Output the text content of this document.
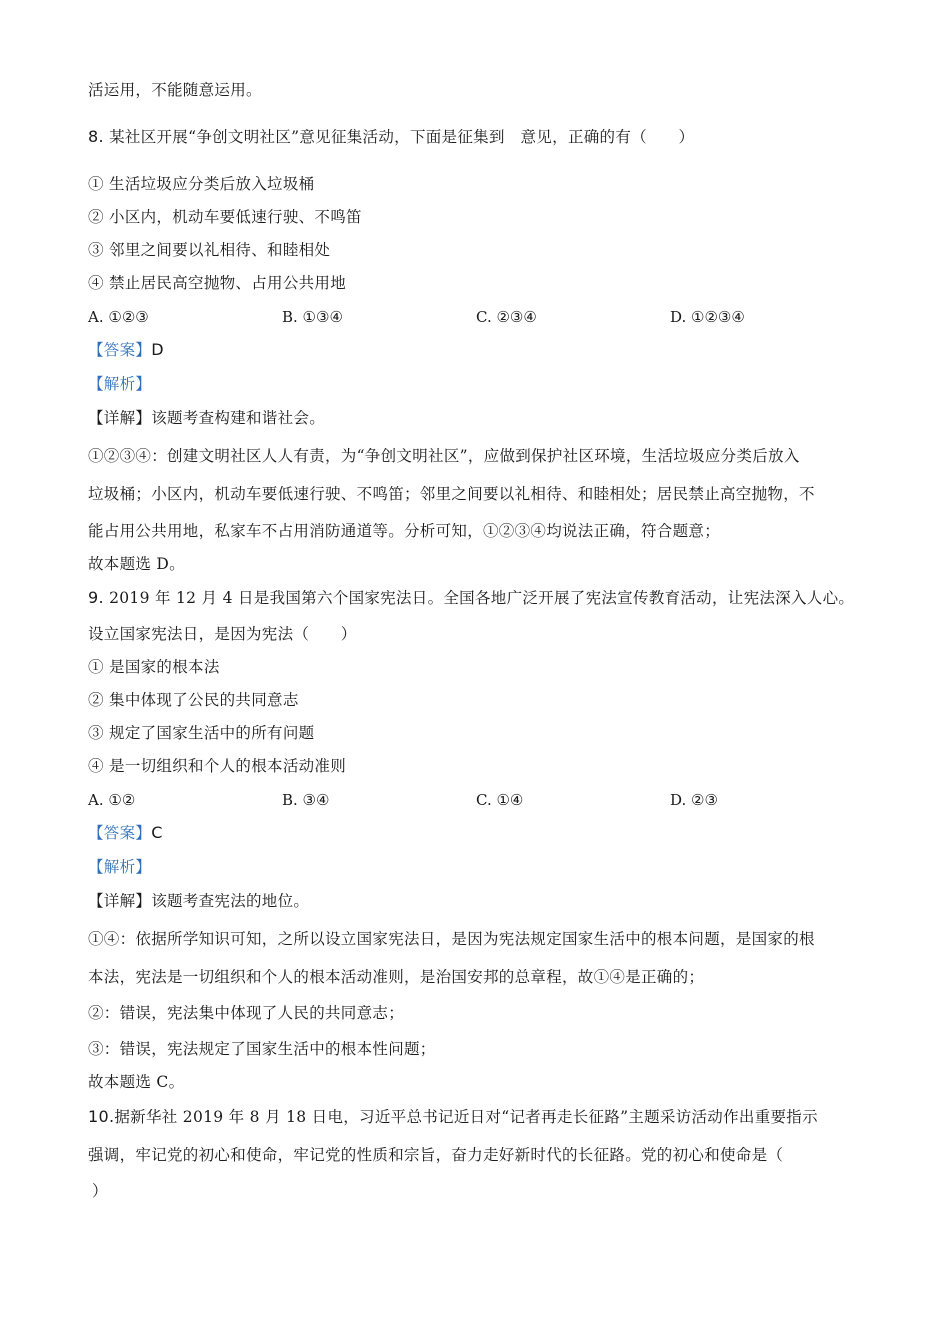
活运用，不能随意运用。
8. 某社区开展“争创文明社区”意见征集活动，下面是征集到　意见，正确的有（　　）
① 生活垃圾应分类后放入垃圾桶
② 小区内，机动车要低速行驶、不鸣笛
③ 邻里之间要以礼相待、和睦相处
④ 禁止居民高空抛物、占用公共用地
A. ①②③	B. ①③④	C. ②③④	D. ①②③④
【答案】D
【解析】
【详解】该题考查构建和谐社会。
①②③④：创建文明社区人人有责，为“争创文明社区”，应做到保护社区环境，生活垃圾应分类后放入
垃圾桶；小区内，机动车要低速行驶、不鸣笛；邻里之间要以礼相待、和睦相处；居民禁止高空抛物，不
能占用公共用地，私家车不占用消防通道等。分析可知，①②③④均说法正确，符合题意；
故本题选 D。
9. 2019 年 12 月 4 日是我国第六个国家宪法日。全国各地广泛开展了宪法宣传教育活动，让宪法深入人心。
设立国家宪法日，是因为宪法（　　）
① 是国家的根本法
② 集中体现了公民的共同意志
③ 规定了国家生活中的所有问题
④ 是一切组织和个人的根本活动准则
A. ①②	B. ③④	C. ①④	D. ②③
【答案】C
【解析】
【详解】该题考查宪法的地位。
①④：依据所学知识可知，之所以设立国家宪法日，是因为宪法规定国家生活中的根本问题，是国家的根
本法，宪法是一切组织和个人的根本活动准则，是治国安邦的总章程，故①④是正确的；
②：错误，宪法集中体现了人民的共同意志；
③：错误，宪法规定了国家生活中的根本性问题；
故本题选 C。
10.据新华社 2019 年 8 月 18 日电，习近平总书记近日对“记者再走长征路”主题采访活动作出重要指示
强调，牢记党的初心和使命，牢记党的性质和宗旨，奋力走好新时代的长征路。党的初心和使命是（
）
